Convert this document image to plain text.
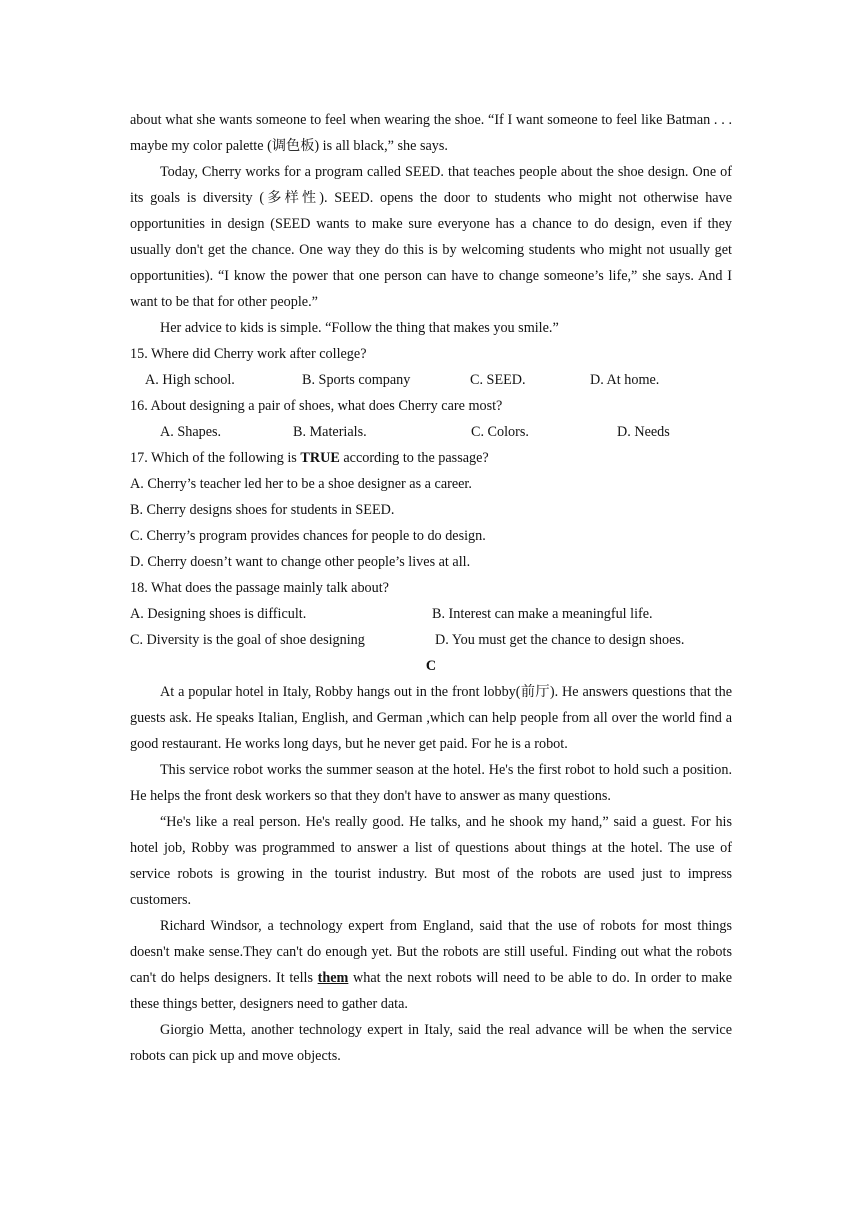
about what she wants someone to feel when wearing the shoe. “If I want someone to feel like Batman . . . maybe my color palette (调色板) is all black,” she says.

Today, Cherry works for a program called SEED. that teaches people about the shoe design. One of its goals is diversity (多样性). SEED. opens the door to students who might not otherwise have opportunities in design (SEED wants to make sure everyone has a chance to do design, even if they usually don't get the chance. One way they do this is by welcoming students who might not usually get opportunities). “I know the power that one person can have to change someone’s life,” she says. And I want to be that for other people.”

Her advice to kids is simple. “Follow the thing that makes you smile.”

15. Where did Cherry work after college?

A. High school.	B. Sports company	C. SEED.	D. At home.

16. About designing a pair of shoes, what does Cherry care most?

A. Shapes.	B. Materials.	C. Colors.	D. Needs

17. Which of the following is TRUE according to the passage?

A. Cherry’s teacher led her to be a shoe designer as a career.

B. Cherry designs shoes for students in SEED.

C. Cherry’s program provides chances for people to do design.

D. Cherry doesn’t want to change other people’s lives at all.

18. What does the passage mainly talk about?

A. Designing shoes is difficult.	B. Interest can make a meaningful life.
C. Diversity is the goal of shoe designing	D. You must get the chance to design shoes.

C

At a popular hotel in Italy, Robby hangs out in the front lobby(前厅). He answers questions that the guests ask. He speaks Italian, English, and German ,which can help people from all over the world find a good restaurant. He works long days, but he never get paid. For he is a robot.

This service robot works the summer season at the hotel. He's the first robot to hold such a position. He helps the front desk workers so that they don't have to answer as many questions.

“He's like a real person. He's really good. He talks, and he shook my hand,” said a guest. For his hotel job, Robby was programmed to answer a list of questions about things at the hotel. The use of service robots is growing in the tourist industry. But most of the robots are used just to impress customers.

Richard Windsor, a technology expert from England, said that the use of robots for most things doesn't make sense.They can't do enough yet. But the robots are still useful. Finding out what the robots can't do helps designers. It tells them what the next robots will need to be able to do. In order to make these things better, designers need to gather data.

Giorgio Metta, another technology expert in Italy, said the real advance will be when the service robots can pick up and move objects.
